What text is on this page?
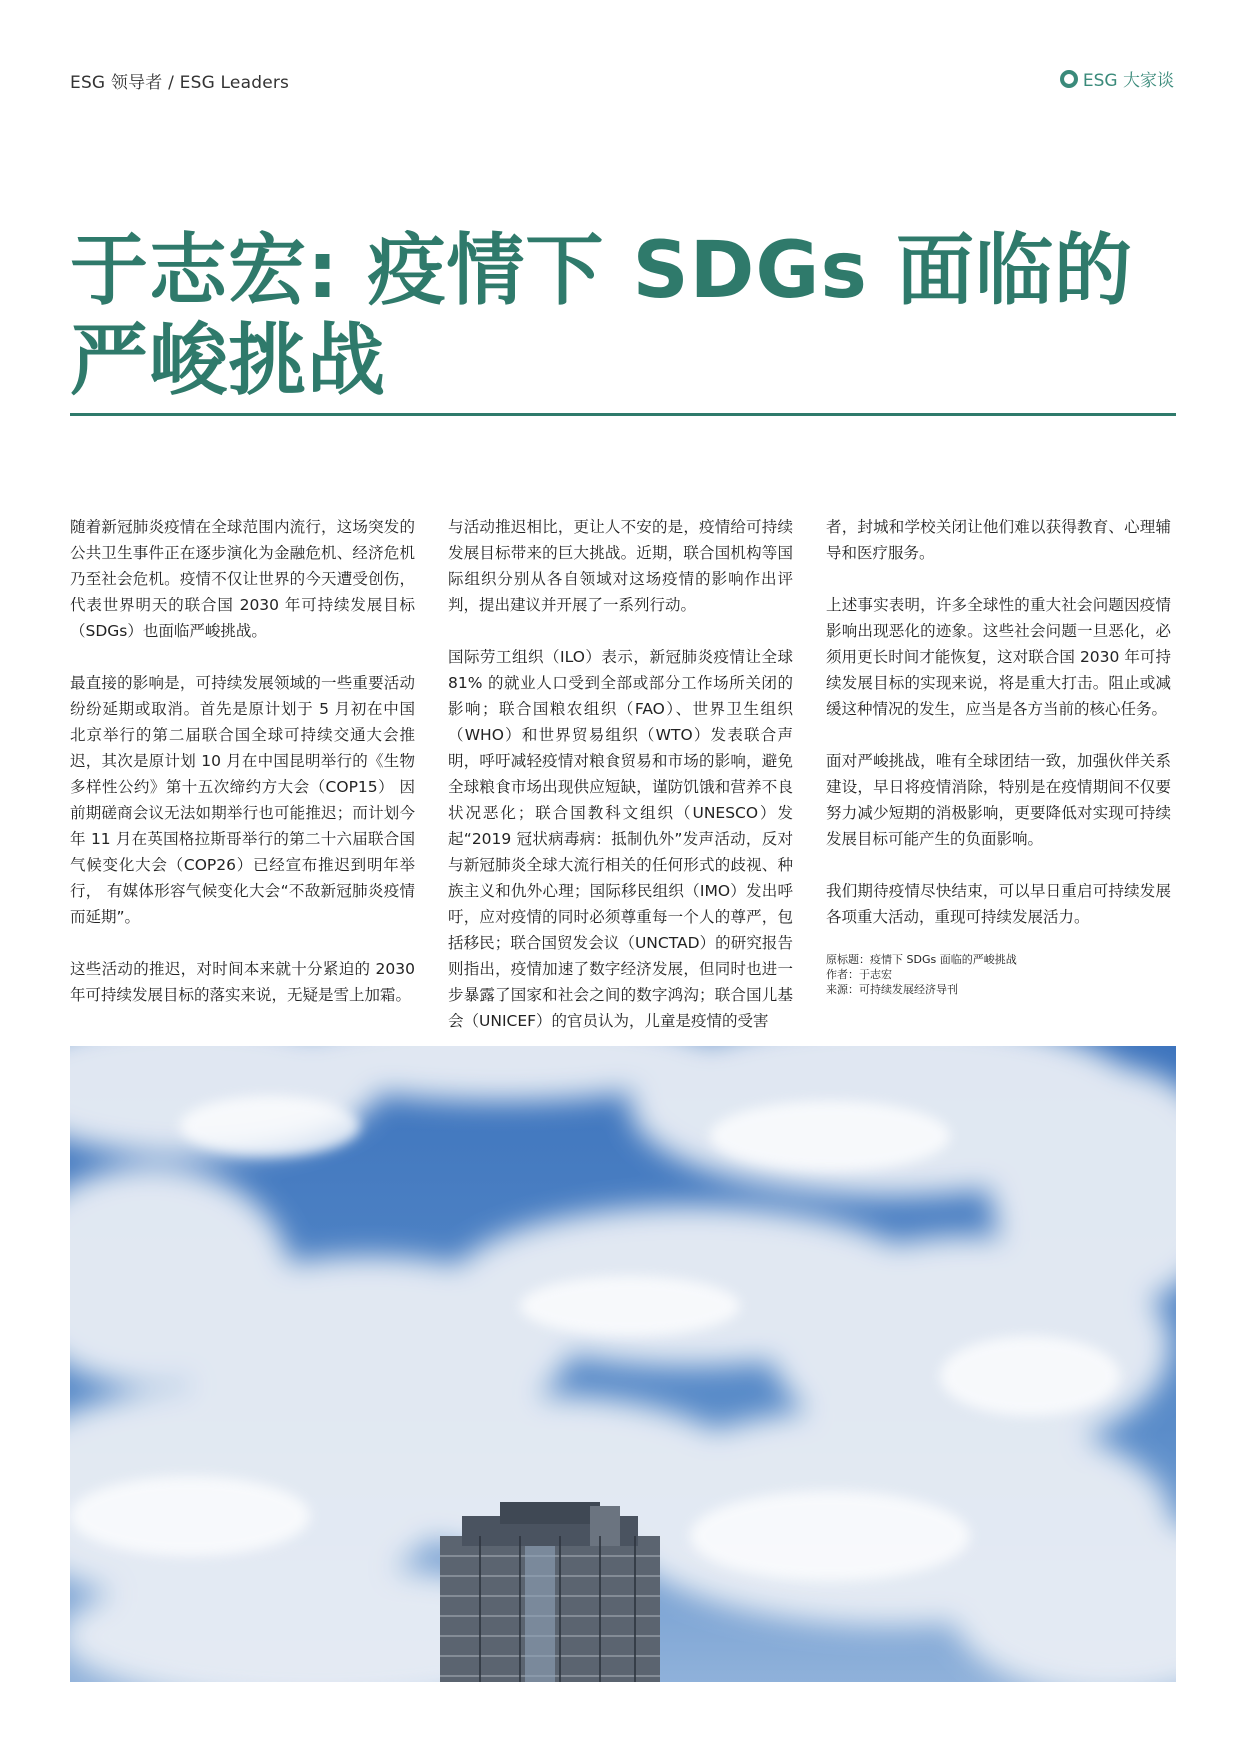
ESG 领导者 / ESG Leaders	ESG 大家谈
于志宏: 疫情下 SDGs 面临的严峻挑战

随着新冠肺炎疫情在全球范围内流行，这场突发的公共卫生事件正在逐步演化为金融危机、经济危机乃至社会危机。疫情不仅让世界的今天遭受创伤，代表世界明天的联合国 2030 年可持续发展目标（SDGs）也面临严峻挑战。

最直接的影响是，可持续发展领域的一些重要活动纷纷延期或取消。首先是原计划于 5 月初在中国北京举行的第二届联合国全球可持续交通大会推迟，其次是原计划 10 月在中国昆明举行的《生物多样性公约》第十五次缔约方大会（COP15） 因前期磋商会议无法如期举行也可能推迟；而计划今年 11 月在英国格拉斯哥举行的第二十六届联合国气候变化大会（COP26）已经宣布推迟到明年举行， 有媒体形容气候变化大会“不敌新冠肺炎疫情而延期”。

这些活动的推迟，对时间本来就十分紧迫的 2030 年可持续发展目标的落实来说，无疑是雪上加霜。

与活动推迟相比，更让人不安的是，疫情给可持续发展目标带来的巨大挑战。近期，联合国机构等国际组织分别从各自领域对这场疫情的影响作出评判，提出建议并开展了一系列行动。

国际劳工组织（ILO）表示，新冠肺炎疫情让全球 81% 的就业人口受到全部或部分工作场所关闭的影响；联合国粮农组织（FAO）、世界卫生组织（WHO）和世界贸易组织（WTO）发表联合声明，呼吁减轻疫情对粮食贸易和市场的影响，避免全球粮食市场出现供应短缺，谨防饥饿和营养不良状况恶化；联合国教科文组织（UNESCO）发起“2019 冠状病毒病：抵制仇外”发声活动，反对与新冠肺炎全球大流行相关的任何形式的歧视、种族主义和仇外心理；国际移民组织（IMO）发出呼吁，应对疫情的同时必须尊重每一个人的尊严，包括移民；联合国贸发会议（UNCTAD）的研究报告则指出，疫情加速了数字经济发展，但同时也进一步暴露了国家和社会之间的数字鸿沟；联合国儿基会（UNICEF）的官员认为，儿童是疫情的受害

者，封城和学校关闭让他们难以获得教育、心理辅导和医疗服务。

上述事实表明，许多全球性的重大社会问题因疫情影响出现恶化的迹象。这些社会问题一旦恶化，必须用更长时间才能恢复，这对联合国 2030 年可持续发展目标的实现来说，将是重大打击。阻止或减缓这种情况的发生，应当是各方当前的核心任务。

面对严峻挑战，唯有全球团结一致，加强伙伴关系建设，早日将疫情消除，特别是在疫情期间不仅要努力减少短期的消极影响，更要降低对实现可持续发展目标可能产生的负面影响。

我们期待疫情尽快结束，可以早日重启可持续发展各项重大活动，重现可持续发展活力。

原标题：疫情下 SDGs 面临的严峻挑战
作者：于志宏
来源：可持续发展经济导刊
